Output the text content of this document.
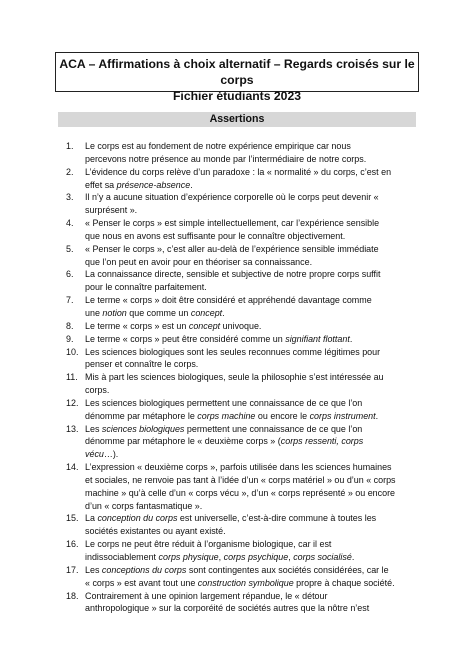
ACA – Affirmations à choix alternatif – Regards croisés sur le corps
Fichier étudiants 2023
Assertions
1.	Le corps est au fondement de notre expérience empirique car nous percevons notre présence au monde par l’intermédiaire de notre corps.
2.	L’évidence du corps relève d’un paradoxe : la « normalité » du corps, c’est en effet sa présence-absence.
3.	Il n’y a aucune situation d’expérience corporelle où le corps peut devenir « surprésent ».
4.	« Penser le corps » est simple intellectuellement, car l’expérience sensible que nous en avons est suffisante pour le connaître objectivement.
5.	« Penser le corps », c’est aller au-delà de l’expérience sensible immédiate que l’on peut en avoir pour en théoriser sa connaissance.
6.	La connaissance directe, sensible et subjective de notre propre corps suffit pour le connaître parfaitement.
7.	Le terme « corps » doit être considéré et appréhendé davantage comme une notion que comme un concept.
8.	Le terme « corps » est un concept univoque.
9.	Le terme « corps » peut être considéré comme un signifiant flottant.
10. Les sciences biologiques sont les seules reconnues comme légitimes pour penser et connaître le corps.
11. Mis à part les sciences biologiques, seule la philosophie s’est intéressée au corps.
12. Les sciences biologiques permettent une connaissance de ce que l’on dénomme par métaphore le corps machine ou encore le corps instrument.
13. Les sciences biologiques permettent une connaissance de ce que l’on dénomme par métaphore le « deuxième corps » (corps ressenti, corps vécu…).
14. L’expression « deuxième corps », parfois utilisée dans les sciences humaines et sociales, ne renvoie pas tant à l’idée d’un « corps matériel » ou d’un « corps machine » qu’à celle d’un « corps vécu », d’un « corps représenté » ou encore d’un « corps fantasmatique ».
15. La conception du corps est universelle, c’est-à-dire commune à toutes les sociétés existantes ou ayant existé.
16. Le corps ne peut être réduit à l’organisme biologique, car il est indissociablement corps physique, corps psychique, corps socialisé.
17. Les conceptions du corps sont contingentes aux sociétés considérées, car le « corps » est avant tout une construction symbolique propre à chaque société.
18. Contrairement à une opinion largement répandue, le « détour anthropologique » sur la corporéité de sociétés autres que la nôtre n’est
